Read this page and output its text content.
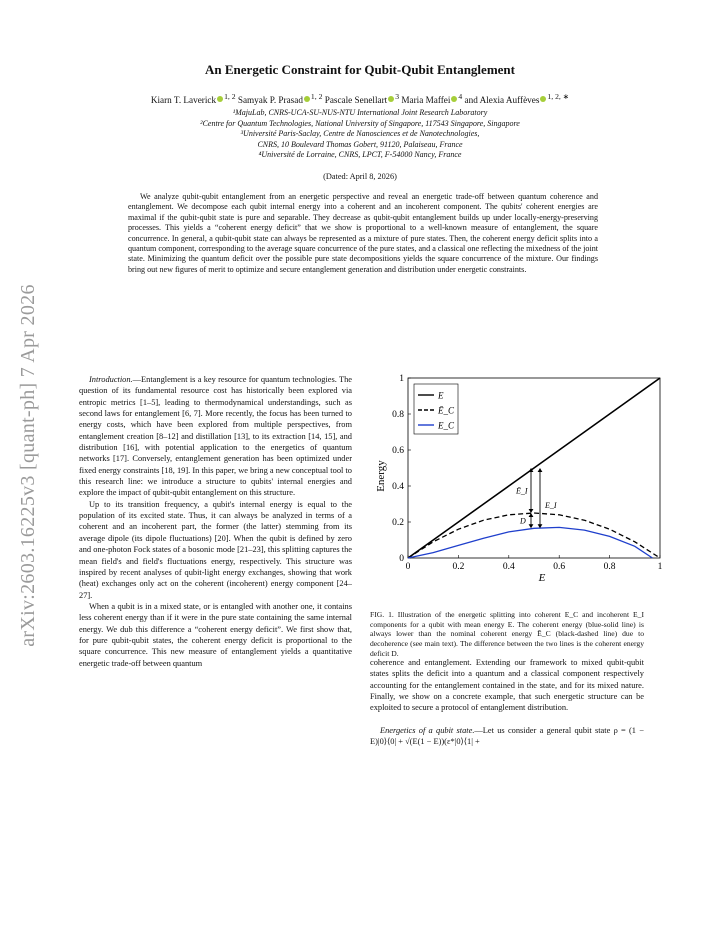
arXiv:2603.16225v3 [quant-ph] 7 Apr 2026
An Energetic Constraint for Qubit-Qubit Entanglement
Kiarn T. Laverick $^{1, 2}$ Samyak P. Prasad $^{1, 2}$ Pascale Senellart $^3$ Maria Maffei $^4$ and Alexia Auffèves $^{1, 2, ∗}$
¹MajuLab, CNRS-UCA-SU-NUS-NTU International Joint Research Laboratory
²Centre for Quantum Technologies, National University of Singapore, 117543 Singapore, Singapore
³Université Paris-Saclay, Centre de Nanosciences et de Nanotechnologies,
CNRS, 10 Boulevard Thomas Gobert, 91120, Palaiseau, France
⁴Université de Lorraine, CNRS, LPCT, F-54000 Nancy, France
(Dated: April 8, 2026)
We analyze qubit-qubit entanglement from an energetic perspective and reveal an energetic trade-off between quantum coherence and entanglement. We decompose each qubit internal energy into a coherent and an incoherent component. The qubits' coherent energies are maximal if the qubit-qubit state is pure and separable. They decrease as qubit-qubit entanglement builds up under locally-energy-preserving processes. This yields a “coherent energy deficit” that we show is proportional to a well-known measure of entanglement, the square concurrence. In general, a qubit-qubit state can always be represented as a mixture of pure states. Then, the coherent energy deficit splits into a quantum component, corresponding to the average square concurrence of the pure states, and a classical one reflecting the mixedness of the joint state. Minimizing the quantum deficit over the possible pure state decompositions yields the square concurrence of the mixture. Our findings bring out new figures of merit to optimize and secure entanglement generation and distribution under energetic constraints.

Introduction.—Entanglement is a key resource for quantum technologies. The question of its fundamental resource cost has historically been explored via entropic metrics [1–5], leading to thermodynamical understandings, such as second laws for entanglement [6, 7]. More recently, the focus has been turned to energy costs, which have been explored from multiple perspectives, from entanglement creation [8–12] and distillation [13], to its extraction [14, 15], and distribution [16], with potential application to the energetics of quantum networks [17]. Conversely, entanglement generation has been optimized under fixed energy constraints [18, 19]. In this paper, we bring a new conceptual tool to this research line: we introduce a structure to qubits' internal energies and explore the impact of qubit-qubit entanglement on this structure.

Up to its transition frequency, a qubit's internal energy is equal to the population of its excited state. Thus, it can always be analyzed in terms of a coherent and an incoherent part, the former (the latter) stemming from its average dipole (its dipole fluctuations) [20]. When the qubit is defined by zero and one-photon Fock states of a bosonic mode [21–23], this splitting captures the mean field's and field's fluctuations energy, respectively. This structure was inspired by recent analyses of qubit-light energy exchanges, showing that work (heat) exchanges only act on the coherent (incoherent) energy component [24–27].

When a qubit is in a mixed state, or is entangled with another one, it contains less coherent energy than if it were in the pure state containing the same internal energy. We dub this difference a “coherent energy deficit”. We first show that, for pure qubit-qubit states, the coherent energy deficit is proportional to the square concurrence. This new measure of entanglement yields a quantitative energetic trade-off between quantum

0	0.2	0.4	0.6	0.8	1
0
0.2
0.4
0.6
0.8
1
E
Energy
E
Ē_C
E_C
Ē_I
E_I
D
FIG. 1. Illustration of the energetic splitting into coherent E_C and incoherent E_I components for a qubit with mean energy E. The coherent energy (blue-solid line) is always lower than the nominal coherent energy Ē_C (black-dashed line) due to decoherence (see main text). The difference between the two lines is the coherent energy deficit D.

coherence and entanglement. Extending our framework to mixed qubit-qubit states splits the deficit into a quantum and a classical component respectively accounting for the entanglement contained in the state, and for its mixed nature. Finally, we show on a concrete example, that such energetic structure can be exploited to secure a protocol of entanglement distribution.

Energetics of a qubit state.—Let us consider a general qubit state ρ = (1 − E)|0⟩⟨0| + √(E(1 − E))(ε*|0⟩⟨1| +
